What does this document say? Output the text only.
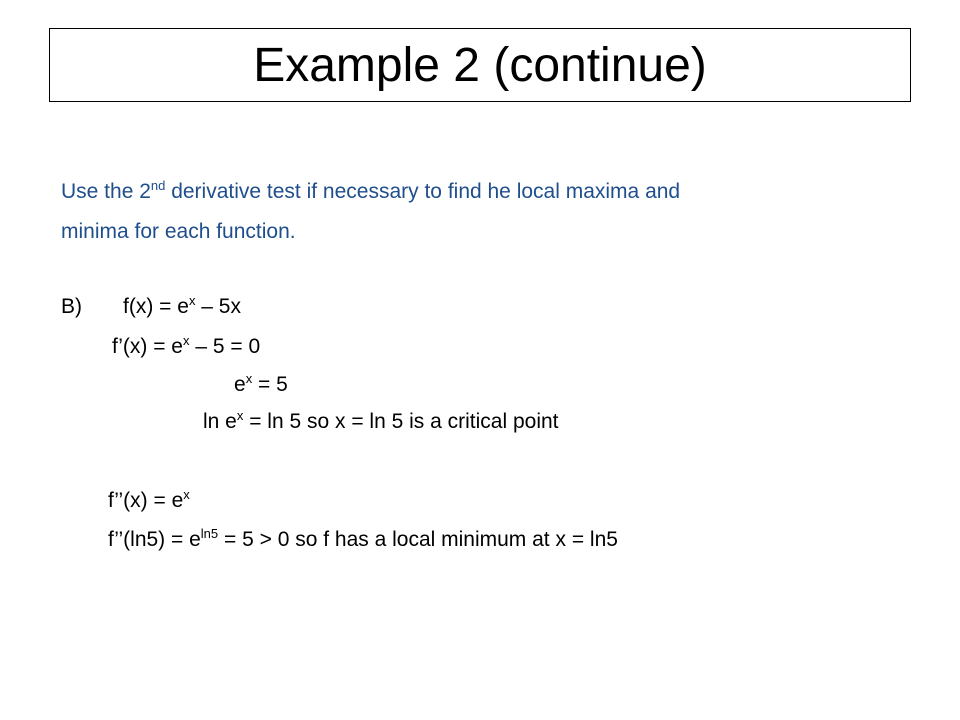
Example 2 (continue)
Use the 2nd derivative test if necessary to find he local maxima and
minima for each function.
B) $f(x) = e^x - 5x$
f’(x) = $e^x - 5 = 0$
$e^x = 5$
$\ln e^x = \ln 5$ so x = ln 5 is a critical point
f’’(x) = $e^x$
f’’(ln5) = $e^{ln5} = 5 > 0$ so f has a local minimum at x = ln5
